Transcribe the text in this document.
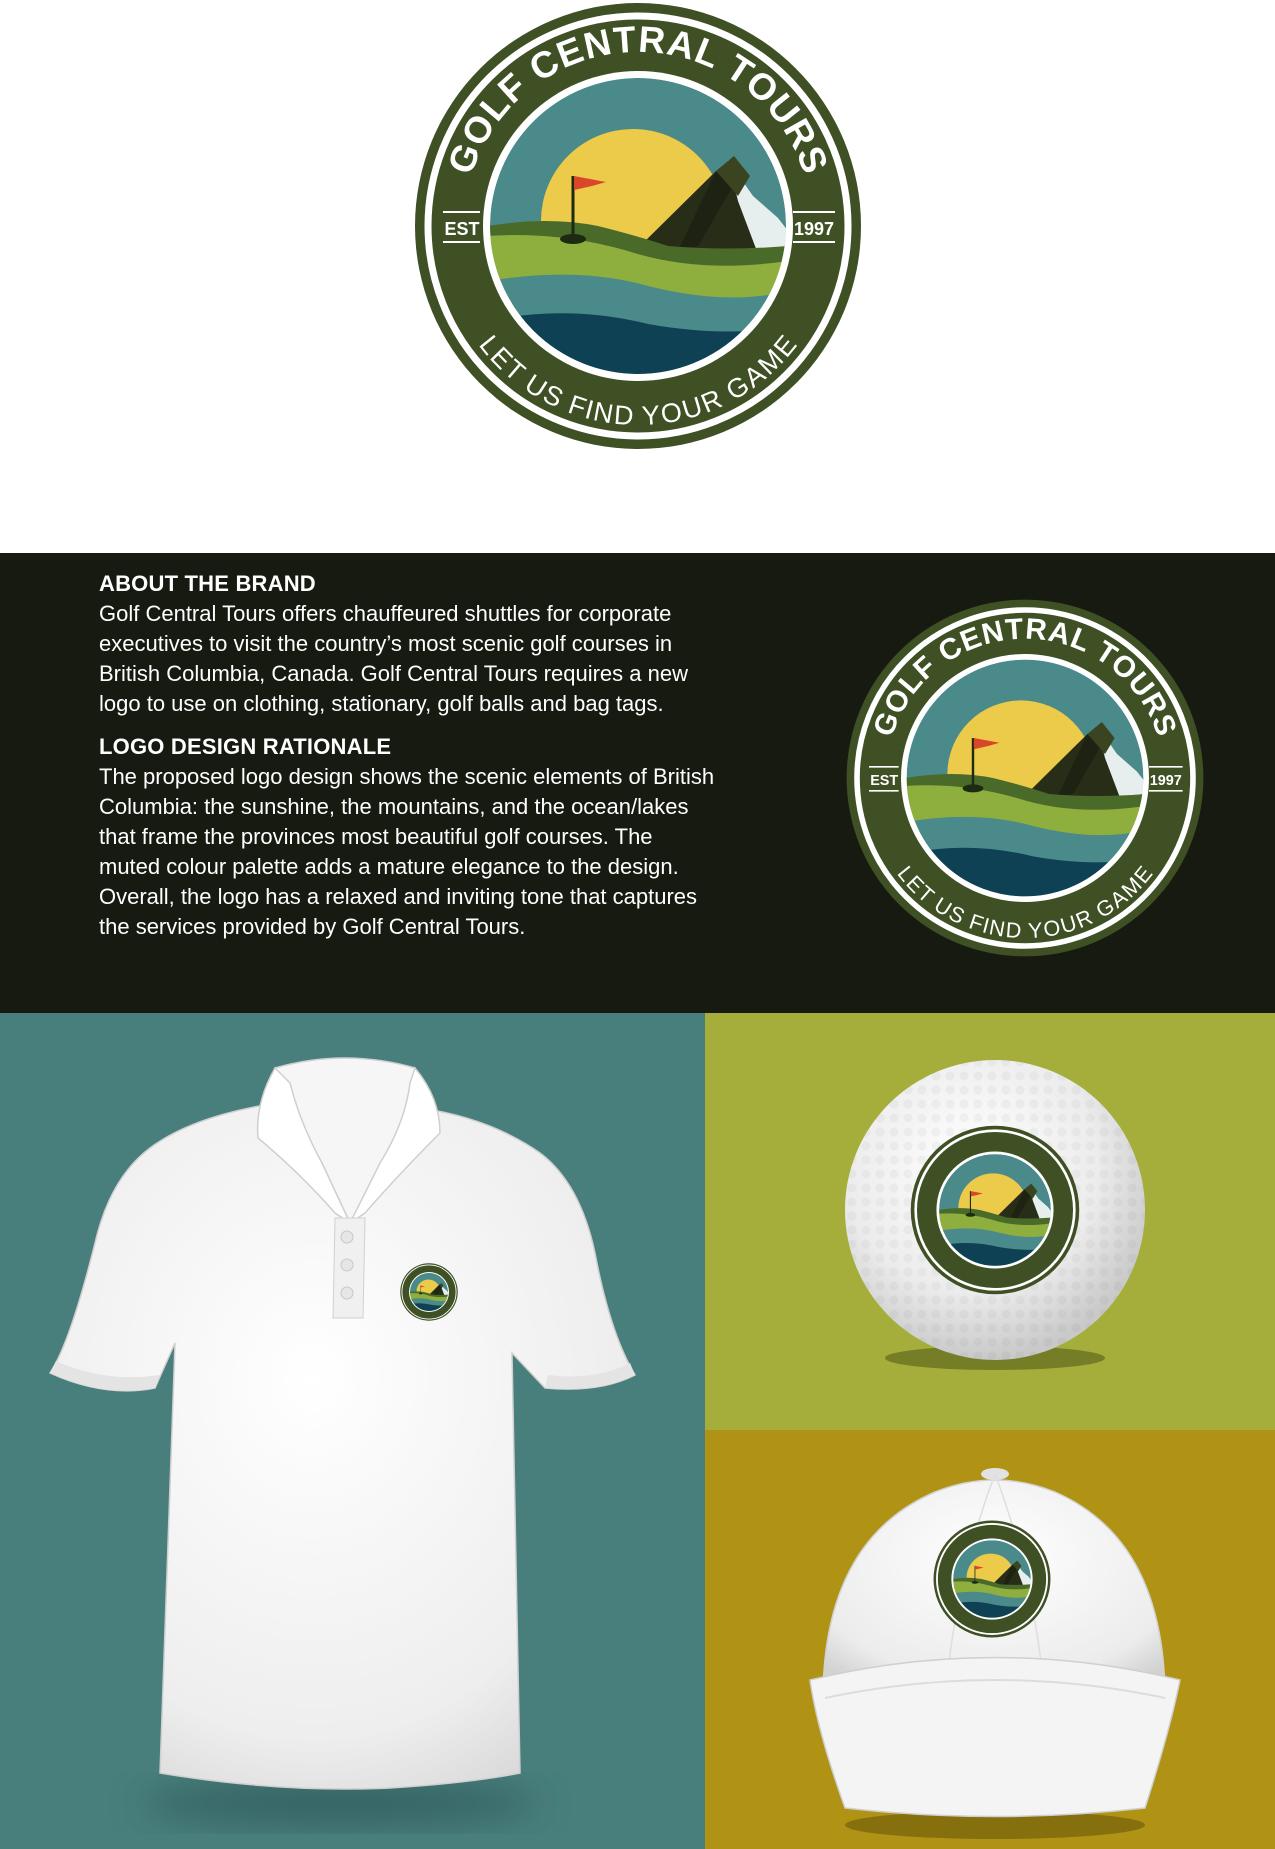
GOLF CENTRAL TOURS
LET US FIND YOUR GAME
EST	1997
ABOUT THE BRAND

Golf Central Tours offers chauffeured shuttles for corporate executives to visit the country’s most scenic golf courses in British Columbia, Canada. Golf Central Tours requires a new logo to use on clothing, stationary, golf balls and bag tags.

LOGO DESIGN RATIONALE

The proposed logo design shows the scenic elements of British Columbia: the sunshine, the mountains, and the ocean/lakes that frame the provinces most beautiful golf courses. The muted colour palette adds a mature elegance to the design. Overall, the logo has a relaxed and inviting tone that captures the services provided by Golf Central Tours.

GOLF CENTRAL TOURS
LET US FIND YOUR GAME
EST	1997
